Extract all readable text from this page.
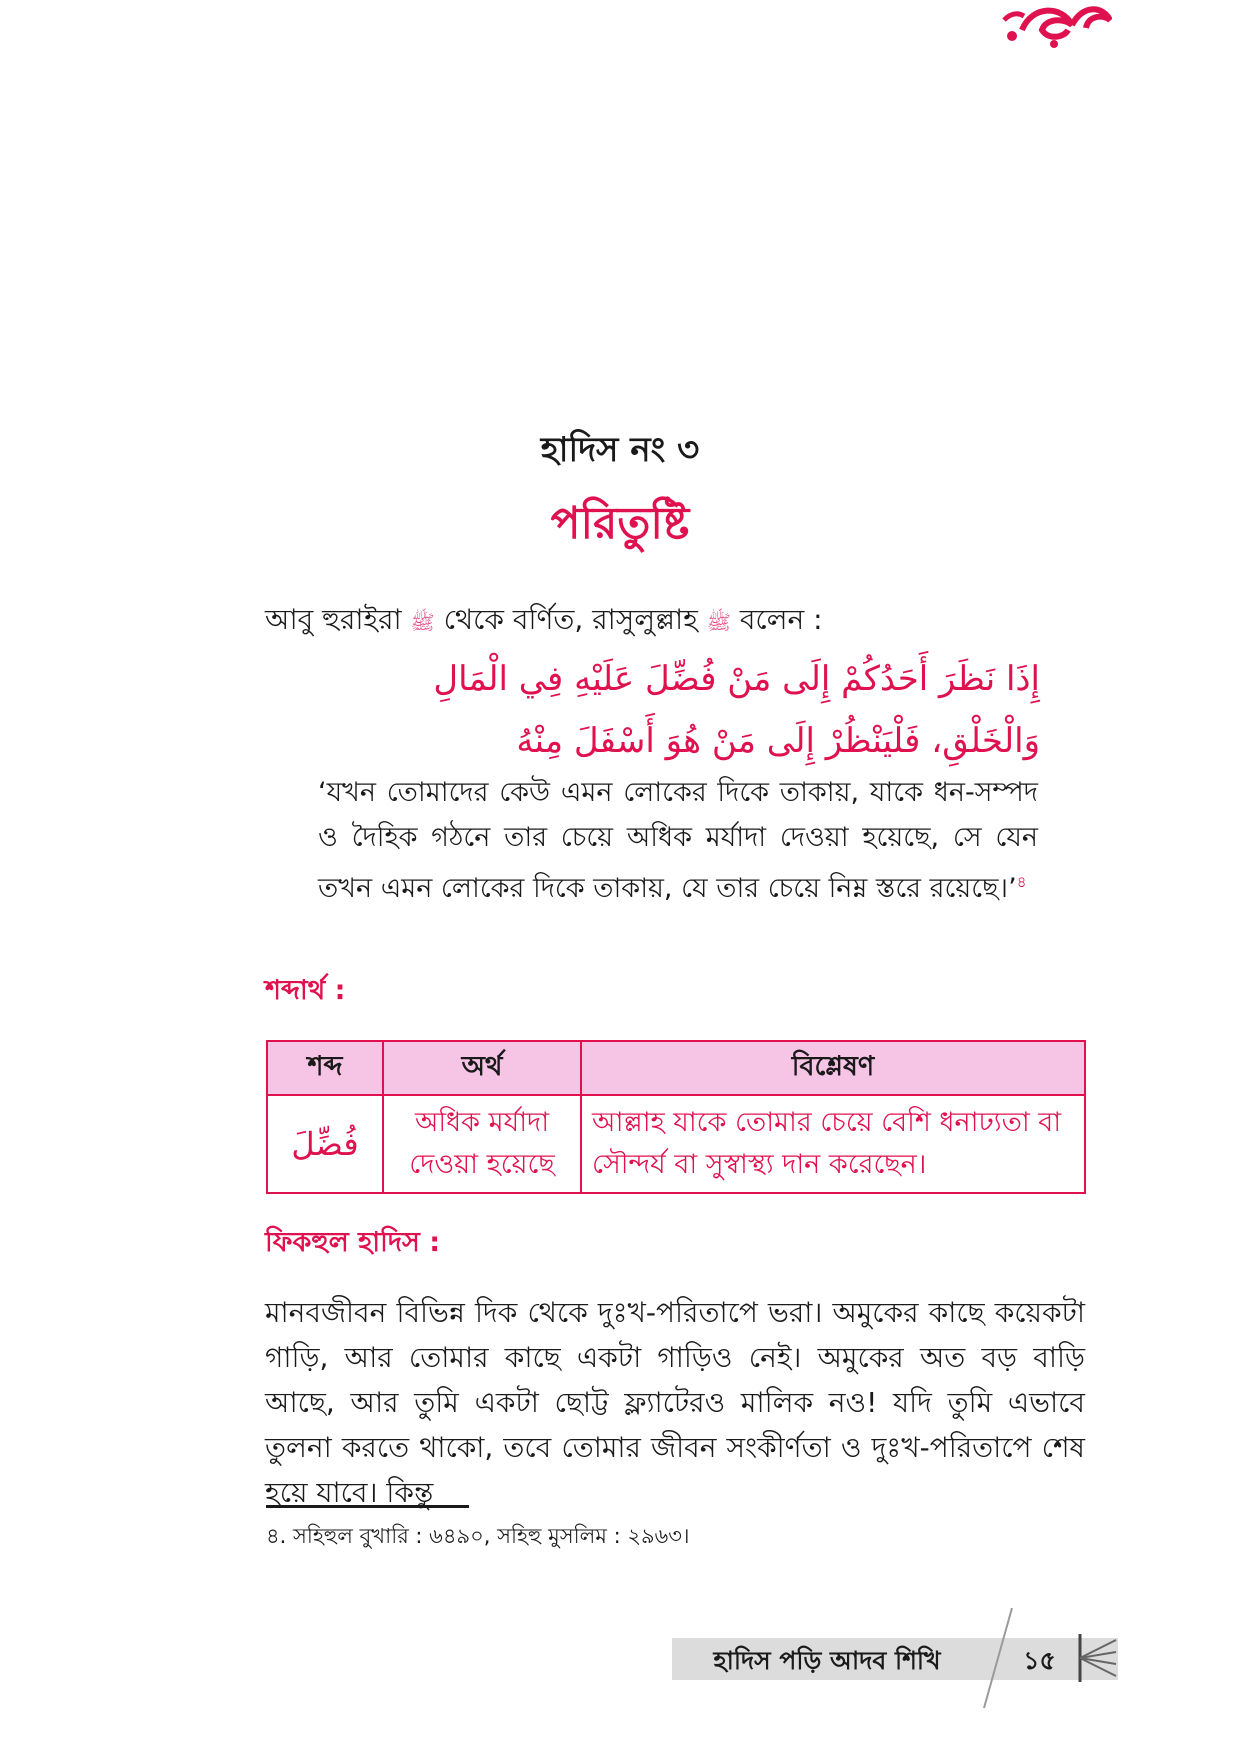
হাদিস নং ৩
পরিতুষ্টি
আবু হুরাইরা ﷺ থেকে বর্ণিত, রাসুলুল্লাহ ﷺ বলেন :
إِذَا نَظَرَ أَحَدُكُمْ إِلَى مَنْ فُضِّلَ عَلَيْهِ فِي الْمَالِ وَالْخَلْقِ، فَلْيَنْظُرْ إِلَى مَنْ هُوَ أَسْفَلَ مِنْهُ
‘যখন তোমাদের কেউ এমন লোকের দিকে তাকায়, যাকে ধন-সম্পদ ও দৈহিক গঠনে তার চেয়ে অধিক মর্যাদা দেওয়া হয়েছে, সে যেন তখন এমন লোকের দিকে তাকায়, যে তার চেয়ে নিম্ন স্তরে রয়েছে।’$^৪$
শব্দার্থ :
শব্দ	অর্থ	বিশ্লেষণ
فُضِّلَ	অধিক মর্যাদা দেওয়া হয়েছে	আল্লাহ যাকে তোমার চেয়ে বেশি ধনাঢ্যতা বা সৌন্দর্য বা সুস্বাস্থ্য দান করেছেন।
ফিকহুল হাদিস :
মানবজীবন বিভিন্ন দিক থেকে দুঃখ-পরিতাপে ভরা। অমুকের কাছে কয়েকটা গাড়ি, আর তোমার কাছে একটা গাড়িও নেই। অমুকের অত বড় বাড়ি আছে, আর তুমি একটা ছোট্ট ফ্ল্যাটেরও মালিক নও! যদি তুমি এভাবে তুলনা করতে থাকো, তবে তোমার জীবন সংকীর্ণতা ও দুঃখ-পরিতাপে শেষ হয়ে যাবে। কিন্তু
৪. সহিহুল বুখারি : ৬৪৯০, সহিহু মুসলিম : ২৯৬৩।
হাদিস পড়ি আদব শিখি	১৫
